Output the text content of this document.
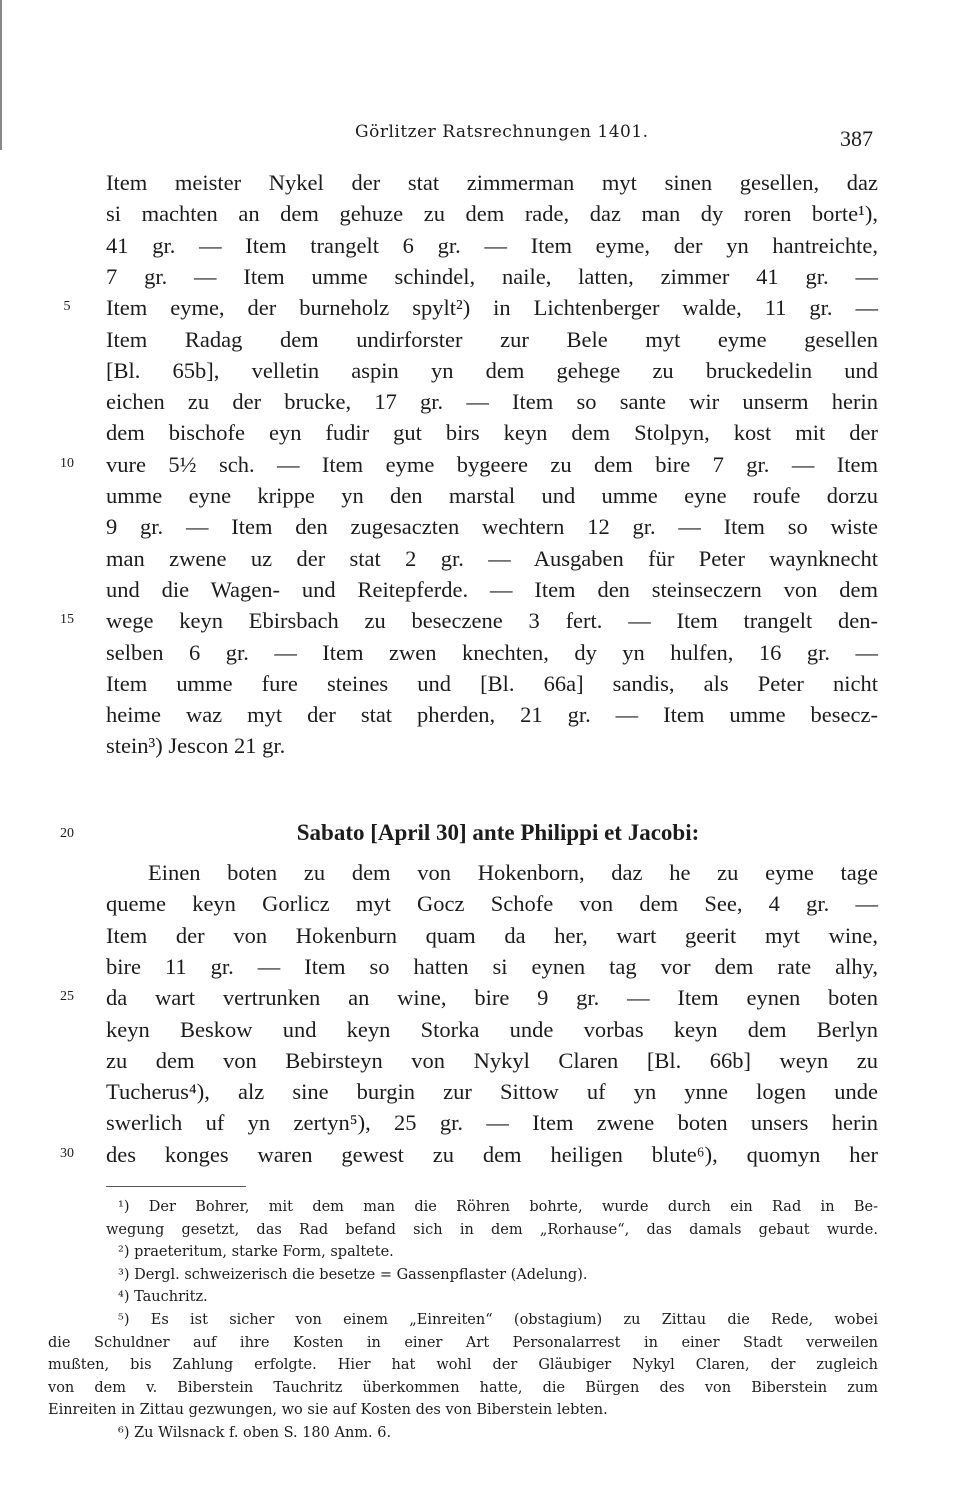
Görlitzer Ratsrechnungen 1401.	387
Item meister Nykel der stat zimmerman myt sinen gesellen, daz
si machten an dem gehuze zu dem rade, daz man dy roren borte¹),
41 gr. — Item trangelt 6 gr. — Item eyme, der yn hantreichte,
7 gr. — Item umme schindel, naile, latten, zimmer 41 gr. —
Item eyme, der burneholz spylt²) in Lichtenberger walde, 11 gr. —
5
Item Radag dem undirforster zur Bele myt eyme gesellen
[Bl. 65b], velletin aspin yn dem gehege zu bruckedelin und
eichen zu der brucke, 17 gr. — Item so sante wir unserm herin
dem bischofe eyn fudir gut birs keyn dem Stolpyn, kost mit der
vure 5½ sch. — Item eyme bygeere zu dem bire 7 gr. — Item
10
umme eyne krippe yn den marstal und umme eyne roufe dorzu
9 gr. — Item den zugesaczten wechtern 12 gr. — Item so wiste
man zwene uz der stat 2 gr. — Ausgaben für Peter waynknecht
und die Wagen- und Reitepferde. — Item den steinseczern von dem
wege keyn Ebirsbach zu beseczene 3 fert. — Item trangelt den-
15
selben 6 gr. — Item zwen knechten, dy yn hulfen, 16 gr. —
Item umme fure steines und [Bl. 66a] sandis, als Peter nicht
heime waz myt der stat pherden, 21 gr. — Item umme besecz-
stein³) Jescon 21 gr.
20	Sabato [April 30] ante Philippi et Jacobi:
Einen boten zu dem von Hokenborn, daz he zu eyme tage
queme keyn Gorlicz myt Gocz Schofe von dem See, 4 gr. —
Item der von Hokenburn quam da her, wart geerit myt wine,
bire 11 gr. — Item so hatten si eynen tag vor dem rate alhy,
da wart vertrunken an wine, bire 9 gr. — Item eynen boten
25
keyn Beskow und keyn Storka unde vorbas keyn dem Berlyn
zu dem von Bebirsteyn von Nykyl Claren [Bl. 66b] weyn zu
Tucherus⁴), alz sine burgin zur Sittow uf yn ynne logen unde
swerlich uf yn zertyn⁵), 25 gr. — Item zwene boten unsers herin
des konges waren gewest zu dem heiligen blute⁶), quomyn her
30
¹) Der Bohrer, mit dem man die Röhren bohrte, wurde durch ein Rad in Be-
wegung gesetzt, das Rad befand sich in dem „Rorhause“, das damals gebaut wurde.
²) praeteritum, starke Form, spaltete.
³) Dergl. schweizerisch die besetze = Gassenpflaster (Adelung).
⁴) Tauchritz.
⁵) Es ist sicher von einem „Einreiten“ (obstagium) zu Zittau die Rede, wobei
die Schuldner auf ihre Kosten in einer Art Personalarrest in einer Stadt verweilen
mußten, bis Zahlung erfolgte. Hier hat wohl der Gläubiger Nykyl Claren, der zugleich
von dem v. Biberstein Tauchritz überkommen hatte, die Bürgen des von Biberstein zum
Einreiten in Zittau gezwungen, wo sie auf Kosten des von Biberstein lebten.
⁶) Zu Wilsnack f. oben S. 180 Anm. 6.
